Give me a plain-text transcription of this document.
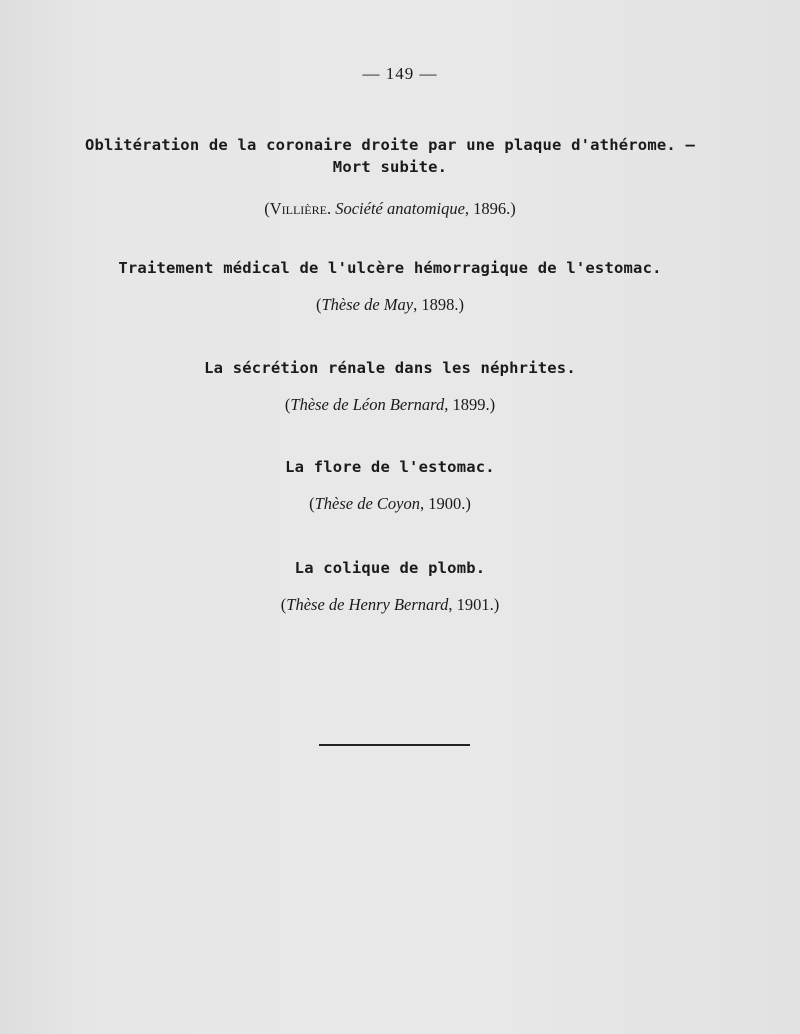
— 149 —
Oblitération de la coronaire droite par une plaque d'athérome. —
Mort subite.
(Villière. Société anatomique, 1896.)
Traitement médical de l'ulcère hémorragique de l'estomac.
(Thèse de May, 1898.)
La sécrétion rénale dans les néphrites.
(Thèse de Léon Bernard, 1899.)
La flore de l'estomac.
(Thèse de Coyon, 1900.)
La colique de plomb.
(Thèse de Henry Bernard, 1901.)
